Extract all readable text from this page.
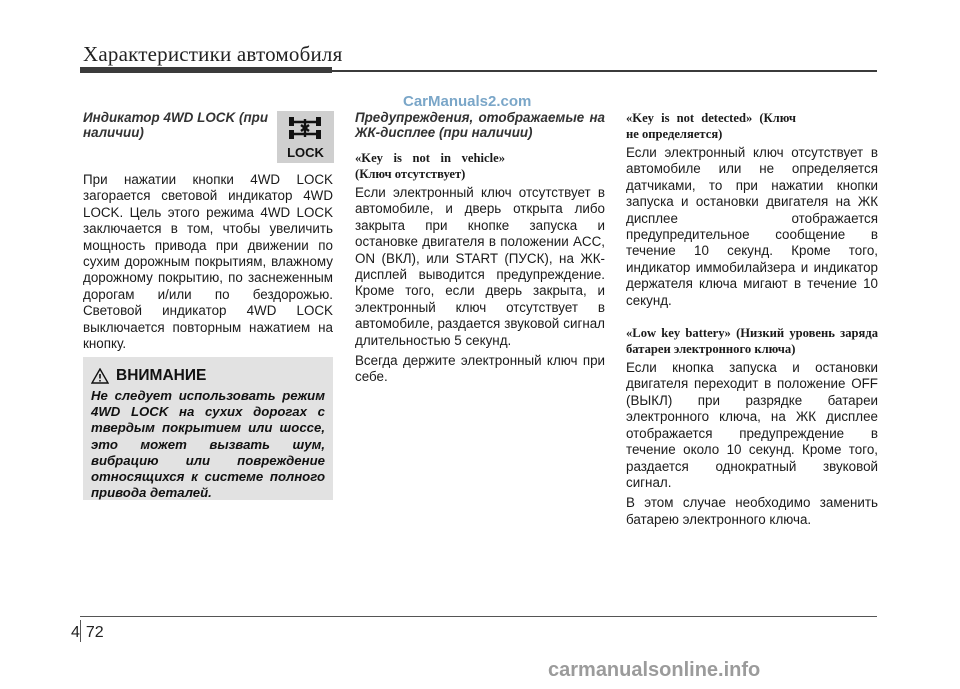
Характеристики автомобиля
CarManuals2.com
Индикатор 4WD LOCK (при наличии)

При нажатии кнопки 4WD LOCK загорается световой индикатор 4WD LOCK. Цель этого режима 4WD LOCK заключается в том, чтобы увеличить мощность привода при движении по сухим дорожным покрытиям, влажному дорожному покрытию, по заснеженным дорогам и/или по бездорожью. Световой индикатор 4WD LOCK выключается повторным нажатием на кнопку.

LOCK
ВНИМАНИЕ
Не следует использовать режим 4WD LOCK на сухих дорогах с твердым покрытием или шоссе, это может вызвать шум, вибрацию или повреждение относящихся к системе полного привода деталей.
Предупреждения, отображаемые на ЖК-дисплее (при наличии)
«Key is not in vehicle» (Ключ отсутствует)

Если электронный ключ отсутствует в автомобиле, и дверь открыта либо закрыта при кнопке запуска и остановке двигателя в положении ACC, ON (ВКЛ), или START (ПУСК), на ЖК-дисплей выводится предупреждение. Кроме того, если дверь закрыта, и электронный ключ отсутствует в автомобиле, раздается звуковой сигнал длительностью 5 секунд.

Всегда держите электронный ключ при себе.

«Key is not detected» (Ключ не определяется)

Если электронный ключ отсутствует в автомобиле или не определяется датчиками, то при нажатии кнопки запуска и остановки двигателя на ЖК дисплее отображается предупредительное сообщение в течение 10 секунд. Кроме того, индикатор иммобилайзера и индикатор держателя ключа мигают в течение 10 секунд.

«Low key battery» (Низкий уровень заряда батареи электронного ключа)

Если кнопка запуска и остановки двигателя переходит в положение OFF (ВЫКЛ) при разрядке батареи электронного ключа, на ЖК дисплее отображается предупреждение в течение около 10 секунд. Кроме того, раздается однократный звуковой сигнал.

В этом случае необходимо заменить батарею электронного ключа.

4 72
carmanualsonline.info
